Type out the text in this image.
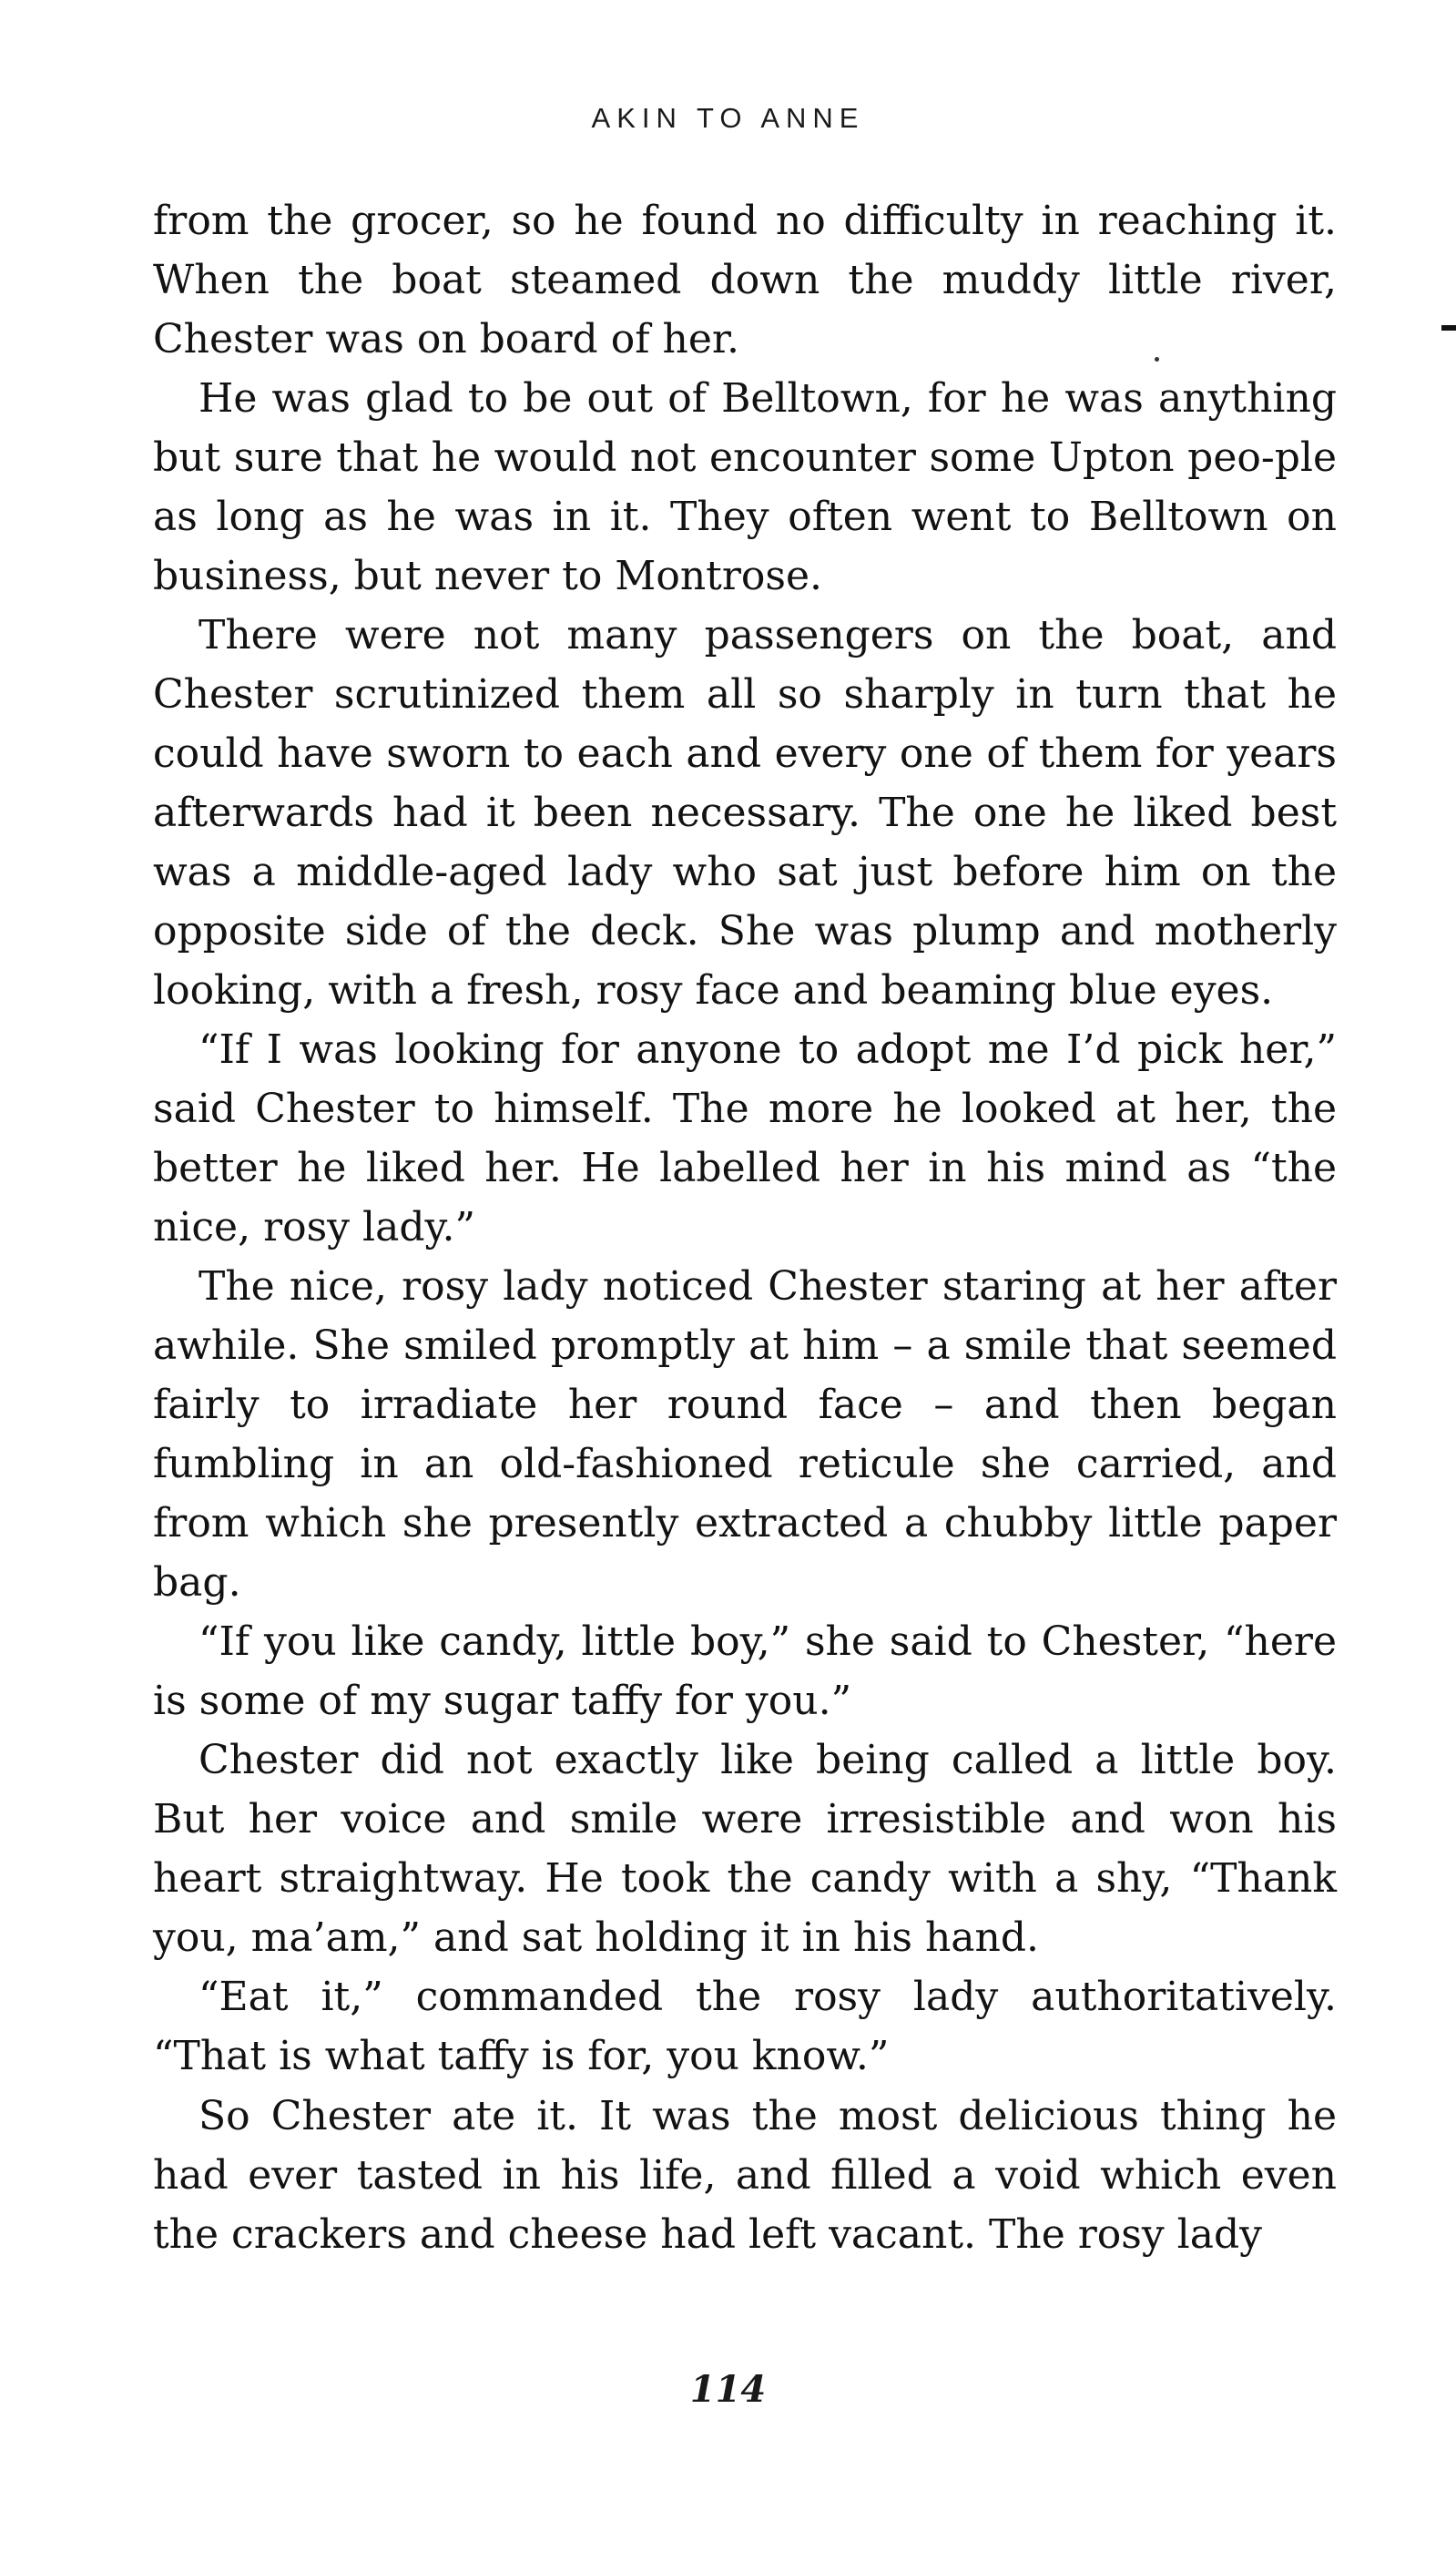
AKIN TO ANNE

from the grocer, so he found no difficulty in reaching it. When the boat steamed down the muddy little river, Chester was on board of her.

He was glad to be out of Belltown, for he was anything but sure that he would not encounter some Upton peo-ple as long as he was in it. They often went to Belltown on business, but never to Montrose.

There were not many passengers on the boat, and Chester scrutinized them all so sharply in turn that he could have sworn to each and every one of them for years afterwards had it been necessary. The one he liked best was a middle-aged lady who sat just before him on the opposite side of the deck. She was plump and motherly looking, with a fresh, rosy face and beaming blue eyes.

“If I was looking for anyone to adopt me I’d pick her,” said Chester to himself. The more he looked at her, the better he liked her. He labelled her in his mind as “the nice, rosy lady.”

The nice, rosy lady noticed Chester staring at her after awhile. She smiled promptly at him – a smile that seemed fairly to irradiate her round face – and then began fumbling in an old-fashioned reticule she carried, and from which she presently extracted a chubby little paper bag.

“If you like candy, little boy,” she said to Chester, “here is some of my sugar taffy for you.”

Chester did not exactly like being called a little boy. But her voice and smile were irresistible and won his heart straightway. He took the candy with a shy, “Thank you, ma’am,” and sat holding it in his hand.

“Eat it,” commanded the rosy lady authoritatively. “That is what taffy is for, you know.”

So Chester ate it. It was the most delicious thing he had ever tasted in his life, and filled a void which even the crackers and cheese had left vacant. The rosy lady

114
